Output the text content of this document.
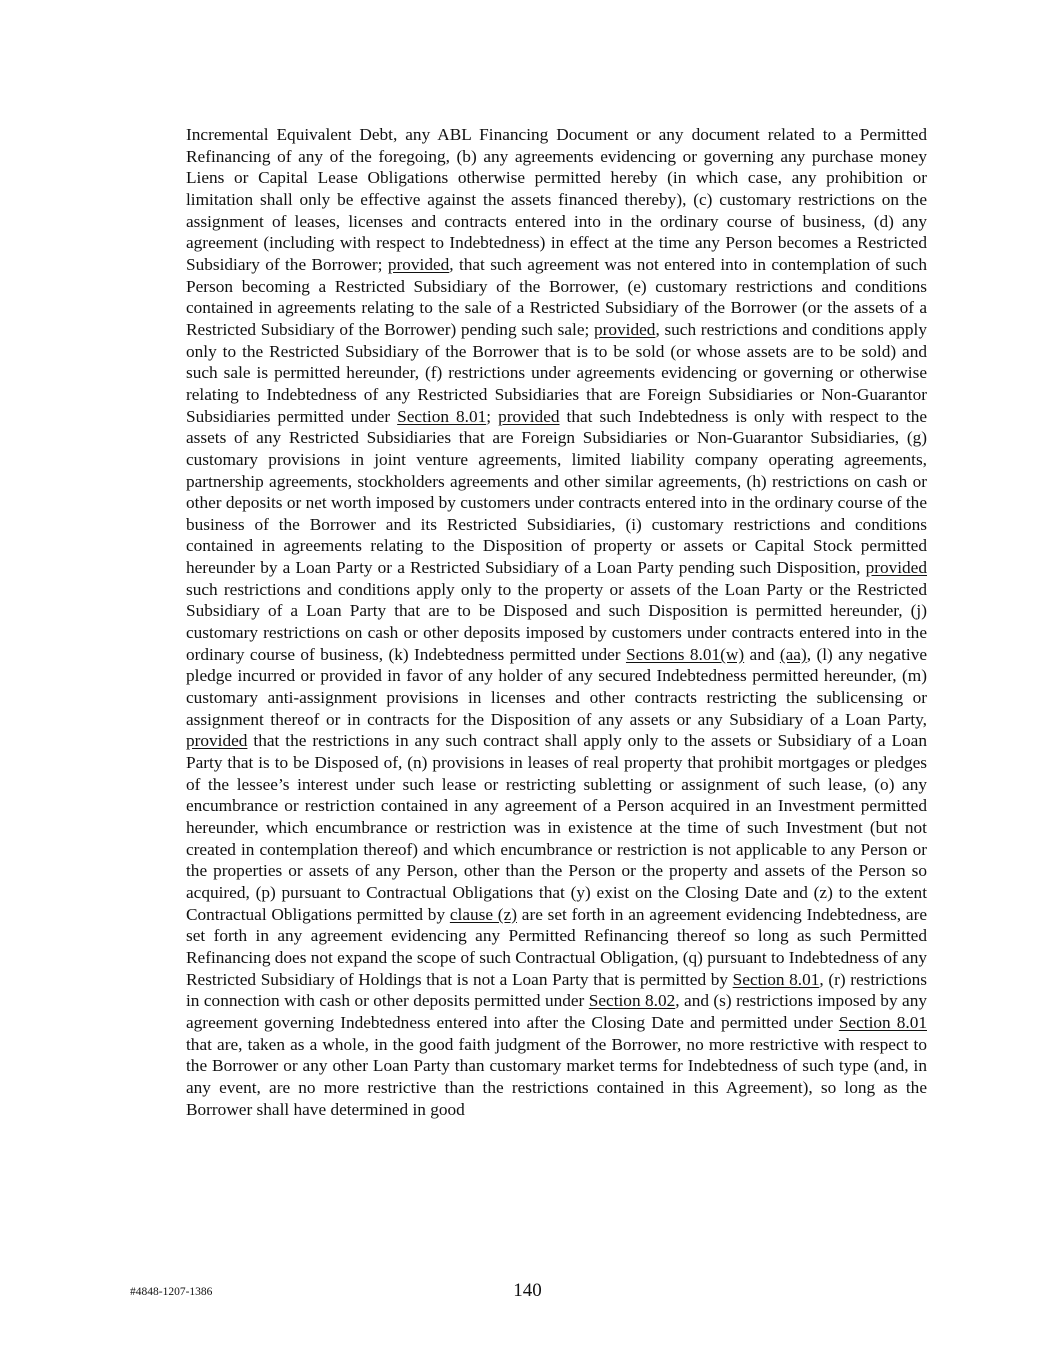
Incremental Equivalent Debt, any ABL Financing Document or any document related to a Permitted Refinancing of any of the foregoing, (b) any agreements evidencing or governing any purchase money Liens or Capital Lease Obligations otherwise permitted hereby (in which case, any prohibition or limitation shall only be effective against the assets financed thereby), (c) customary restrictions on the assignment of leases, licenses and contracts entered into in the ordinary course of business, (d) any agreement (including with respect to Indebtedness) in effect at the time any Person becomes a Restricted Subsidiary of the Borrower; provided, that such agreement was not entered into in contemplation of such Person becoming a Restricted Subsidiary of the Borrower, (e) customary restrictions and conditions contained in agreements relating to the sale of a Restricted Subsidiary of the Borrower (or the assets of a Restricted Subsidiary of the Borrower) pending such sale; provided, such restrictions and conditions apply only to the Restricted Subsidiary of the Borrower that is to be sold (or whose assets are to be sold) and such sale is permitted hereunder, (f) restrictions under agreements evidencing or governing or otherwise relating to Indebtedness of any Restricted Subsidiaries that are Foreign Subsidiaries or Non-Guarantor Subsidiaries permitted under Section 8.01; provided that such Indebtedness is only with respect to the assets of any Restricted Subsidiaries that are Foreign Subsidiaries or Non-Guarantor Subsidiaries, (g) customary provisions in joint venture agreements, limited liability company operating agreements, partnership agreements, stockholders agreements and other similar agreements, (h) restrictions on cash or other deposits or net worth imposed by customers under contracts entered into in the ordinary course of the business of the Borrower and its Restricted Subsidiaries, (i) customary restrictions and conditions contained in agreements relating to the Disposition of property or assets or Capital Stock permitted hereunder by a Loan Party or a Restricted Subsidiary of a Loan Party pending such Disposition, provided such restrictions and conditions apply only to the property or assets of the Loan Party or the Restricted Subsidiary of a Loan Party that are to be Disposed and such Disposition is permitted hereunder, (j) customary restrictions on cash or other deposits imposed by customers under contracts entered into in the ordinary course of business, (k) Indebtedness permitted under Sections 8.01(w) and (aa), (l) any negative pledge incurred or provided in favor of any holder of any secured Indebtedness permitted hereunder, (m) customary anti-assignment provisions in licenses and other contracts restricting the sublicensing or assignment thereof or in contracts for the Disposition of any assets or any Subsidiary of a Loan Party, provided that the restrictions in any such contract shall apply only to the assets or Subsidiary of a Loan Party that is to be Disposed of, (n) provisions in leases of real property that prohibit mortgages or pledges of the lessee’s interest under such lease or restricting subletting or assignment of such lease, (o) any encumbrance or restriction contained in any agreement of a Person acquired in an Investment permitted hereunder, which encumbrance or restriction was in existence at the time of such Investment (but not created in contemplation thereof) and which encumbrance or restriction is not applicable to any Person or the properties or assets of any Person, other than the Person or the property and assets of the Person so acquired, (p) pursuant to Contractual Obligations that (y) exist on the Closing Date and (z) to the extent Contractual Obligations permitted by clause (z) are set forth in an agreement evidencing Indebtedness, are set forth in any agreement evidencing any Permitted Refinancing thereof so long as such Permitted Refinancing does not expand the scope of such Contractual Obligation, (q) pursuant to Indebtedness of any Restricted Subsidiary of Holdings that is not a Loan Party that is permitted by Section 8.01, (r) restrictions in connection with cash or other deposits permitted under Section 8.02, and (s) restrictions imposed by any agreement governing Indebtedness entered into after the Closing Date and permitted under Section 8.01 that are, taken as a whole, in the good faith judgment of the Borrower, no more restrictive with respect to the Borrower or any other Loan Party than customary market terms for Indebtedness of such type (and, in any event, are no more restrictive than the restrictions contained in this Agreement), so long as the Borrower shall have determined in good

#4848-1207-1386	140
